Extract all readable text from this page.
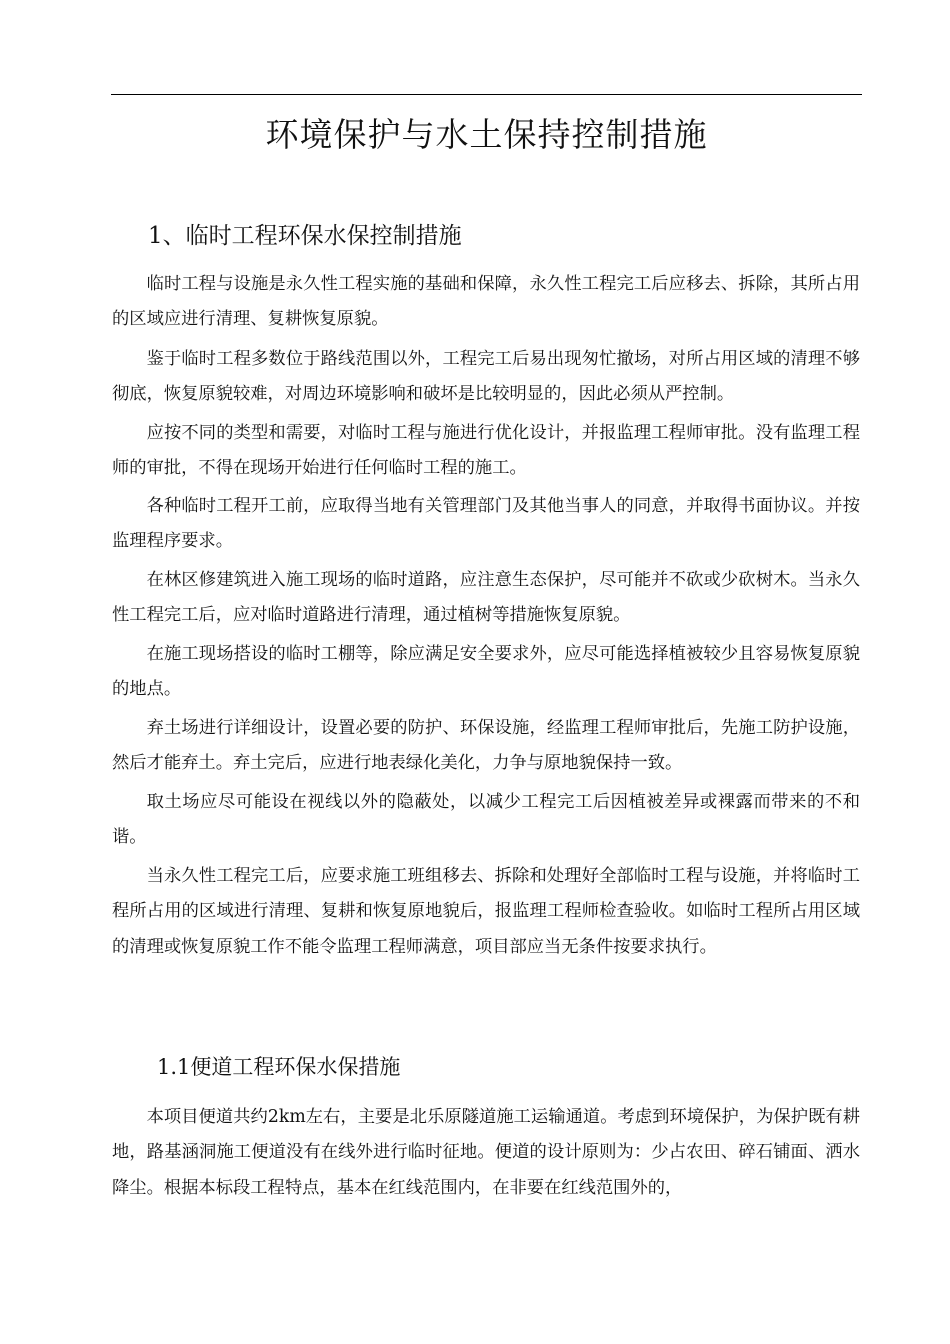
环境保护与水土保持控制措施
1、临时工程环保水保控制措施

临时工程与设施是永久性工程实施的基础和保障，永久性工程完工后应移去、拆除，其所占用的区域应进行清理、复耕恢复原貌。

鉴于临时工程多数位于路线范围以外，工程完工后易出现匆忙撤场，对所占用区域的清理不够彻底，恢复原貌较难，对周边环境影响和破坏是比较明显的，因此必须从严控制。

应按不同的类型和需要，对临时工程与施进行优化设计，并报监理工程师审批。没有监理工程师的审批，不得在现场开始进行任何临时工程的施工。

各种临时工程开工前，应取得当地有关管理部门及其他当事人的同意，并取得书面协议。并按监理程序要求。

在林区修建筑进入施工现场的临时道路，应注意生态保护，尽可能并不砍或少砍树木。当永久性工程完工后，应对临时道路进行清理，通过植树等措施恢复原貌。

在施工现场搭设的临时工棚等，除应满足安全要求外，应尽可能选择植被较少且容易恢复原貌的地点。

弃土场进行详细设计，设置必要的防护、环保设施，经监理工程师审批后，先施工防护设施，然后才能弃土。弃土完后，应进行地表绿化美化，力争与原地貌保持一致。

取土场应尽可能设在视线以外的隐蔽处，以减少工程完工后因植被差异或裸露而带来的不和谐。

当永久性工程完工后，应要求施工班组移去、拆除和处理好全部临时工程与设施，并将临时工程所占用的区域进行清理、复耕和恢复原地貌后，报监理工程师检查验收。如临时工程所占用区域的清理或恢复原貌工作不能令监理工程师满意，项目部应当无条件按要求执行。

1.1便道工程环保水保措施

本项目便道共约2km左右，主要是北乐原隧道施工运输通道。考虑到环境保护，为保护既有耕地，路基涵洞施工便道没有在线外进行临时征地。便道的设计原则为：少占农田、碎石铺面、洒水降尘。根据本标段工程特点，基本在红线范围内，在非要在红线范围外的，
